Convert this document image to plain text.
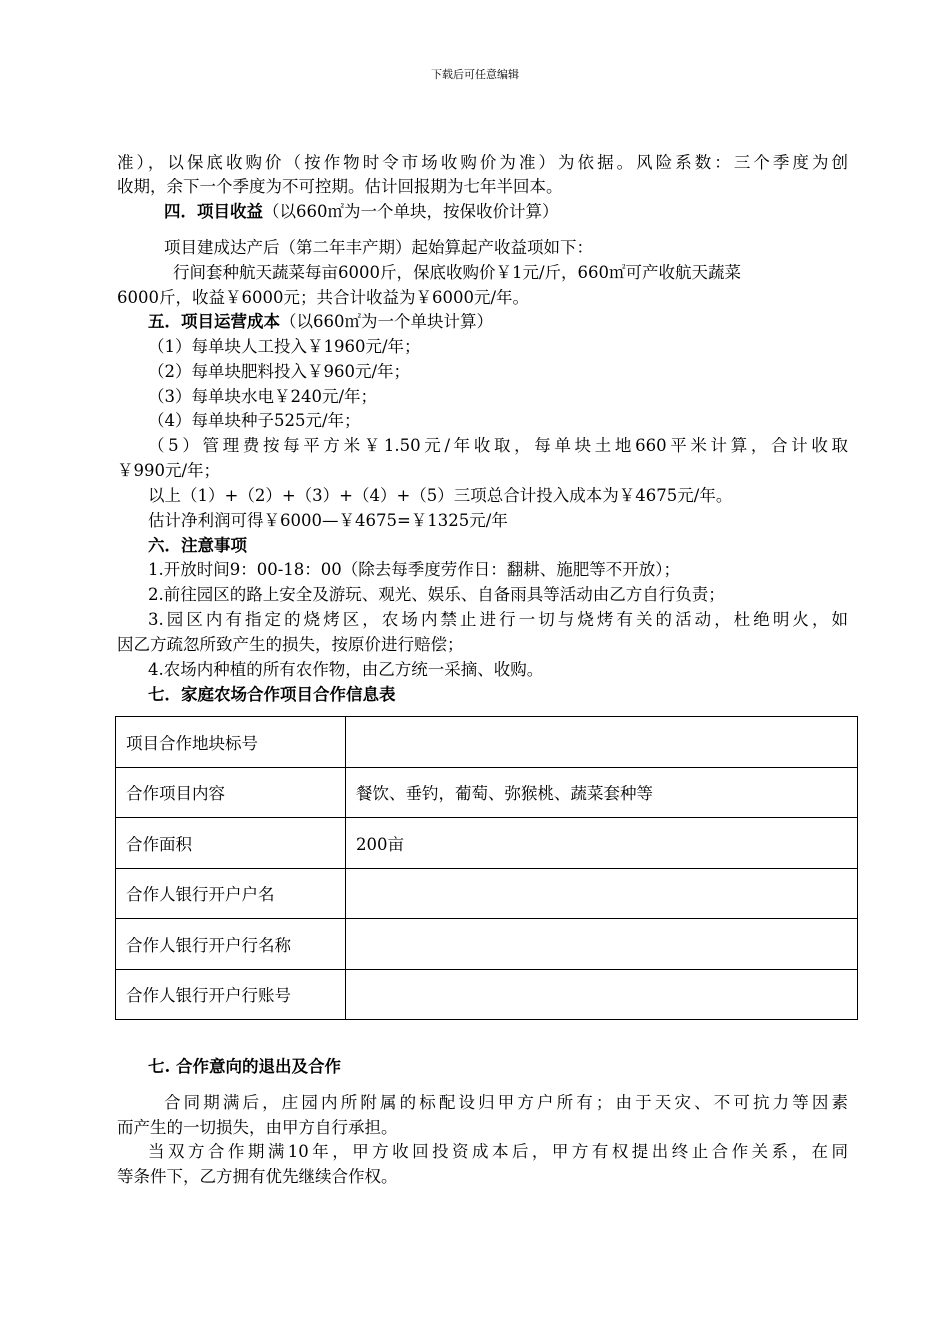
下载后可任意编辑
准），以保底收购价（按作物时令市场收购价为准）为依据。风险系数：三个季度为创
收期，余下一个季度为不可控期。估计回报期为七年半回本。
四．项目收益（以660㎡为一个单块，按保收价计算）
项目建成达产后（第二年丰产期）起始算起产收益项如下：
行间套种航天蔬菜每亩6000斤，保底收购价￥1元/斤，660㎡可产收航天蔬菜
6000斤，收益￥6000元；共合计收益为￥6000元/年。
五．项目运营成本（以660㎡为一个单块计算）
（1）每单块人工投入￥1960元/年；
（2）每单块肥料投入￥960元/年；
（3）每单块水电￥240元/年；
（4）每单块种子525元/年；
（5）管理费按每平方米￥1.50元/年收取，每单块土地660平米计算，合计收取
￥990元/年；
以上（1）+（2）+（3）+（4）+（5）三项总合计投入成本为￥4675元/年。
估计净利润可得￥6000—￥4675=￥1325元/年
六．注意事项
1.开放时间9：00-18：00（除去每季度劳作日：翻耕、施肥等不开放）；
2.前往园区的路上安全及游玩、观光、娱乐、自备雨具等活动由乙方自行负责；
3.园区内有指定的烧烤区，农场内禁止进行一切与烧烤有关的活动，杜绝明火，如
因乙方疏忽所致产生的损失，按原价进行赔偿；
4.农场内种植的所有农作物，由乙方统一采摘、收购。
七．家庭农场合作项目合作信息表
项目合作地块标号	
合作项目内容	餐饮、垂钓，葡萄、弥猴桃、蔬菜套种等
合作面积	200亩
合作人银行开户户名	
合作人银行开户行名称	
合作人银行开户行账号	
七. 合作意向的退出及合作
合同期满后，庄园内所附属的标配设归甲方户所有；由于天灾、不可抗力等因素
而产生的一切损失，由甲方自行承担。
当双方合作期满10年，甲方收回投资成本后，甲方有权提出终止合作关系，在同
等条件下，乙方拥有优先继续合作权。
